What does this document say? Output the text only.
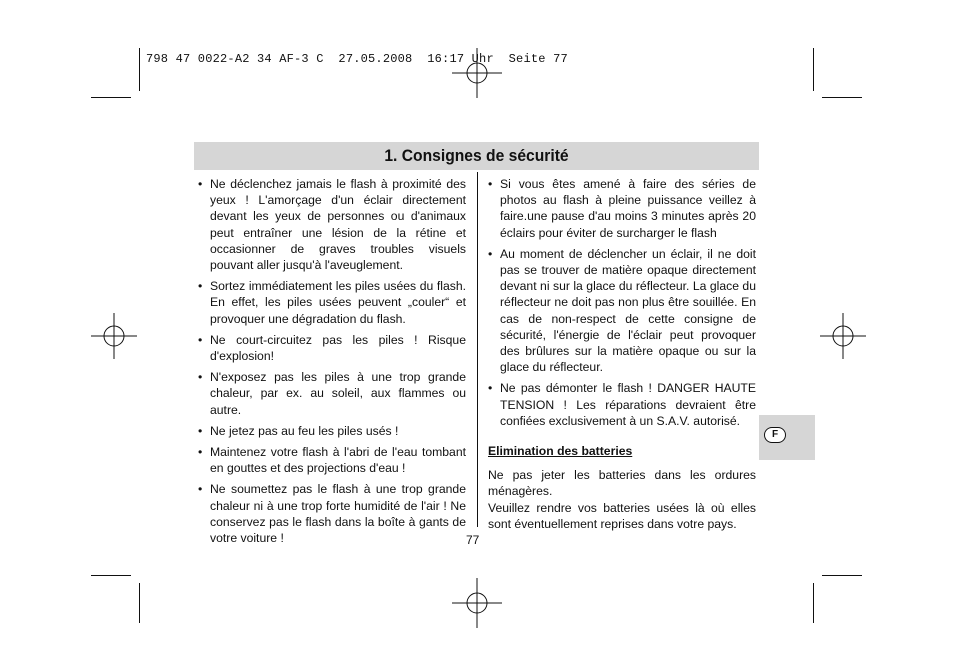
798 47 0022-A2 34 AF-3 C  27.05.2008  16:17 Uhr  Seite 77
1. Consignes de sécurité
• Ne déclenchez jamais le flash à proximité des yeux ! L'amorçage d'un éclair directement devant les yeux de personnes ou d'animaux peut entraîner une lésion de la rétine et occasionner de graves troubles visuels pouvant aller jusqu'à l'aveuglement.
• Sortez immédiatement les piles usées du flash. En effet, les piles usées peuvent „couler“ et provoquer une dégradation du flash.
• Ne court-circuitez pas les piles ! Risque d'explosion!
• N'exposez pas les piles à une trop grande chaleur, par ex. au soleil, aux flammes ou autre.
• Ne jetez pas au feu les piles usés !
• Maintenez votre flash à l'abri de l'eau tombant en gouttes et des projections d'eau !
• Ne soumettez pas le flash à une trop grande chaleur ni à une trop forte humidité de l'air ! Ne conservez pas le flash dans la boîte à gants de votre voiture !
• Si vous êtes amené à faire des séries de photos au flash à pleine puissance veillez à faire.une pause d'au moins 3 minutes après 20 éclairs pour éviter de surcharger le flash
• Au moment de déclencher un éclair, il ne doit pas se trouver de matière opaque directement devant ni sur la glace du réflecteur. La glace du réflecteur ne doit pas non plus être souillée. En cas de non-respect de cette consigne de sécurité, l'énergie de l'éclair peut provoquer des brûlures sur la matière opaque ou sur la glace du réflecteur.
• Ne pas démonter le flash ! DANGER HAUTE TENSION ! Les réparations devraient être confiées exclusivement à un S.A.V. autorisé.
Elimination des batteries

Ne pas jeter les batteries dans les ordures ménagères.

Veuillez rendre vos batteries usées là où elles sont éventuellement reprises dans votre pays.

77
F
